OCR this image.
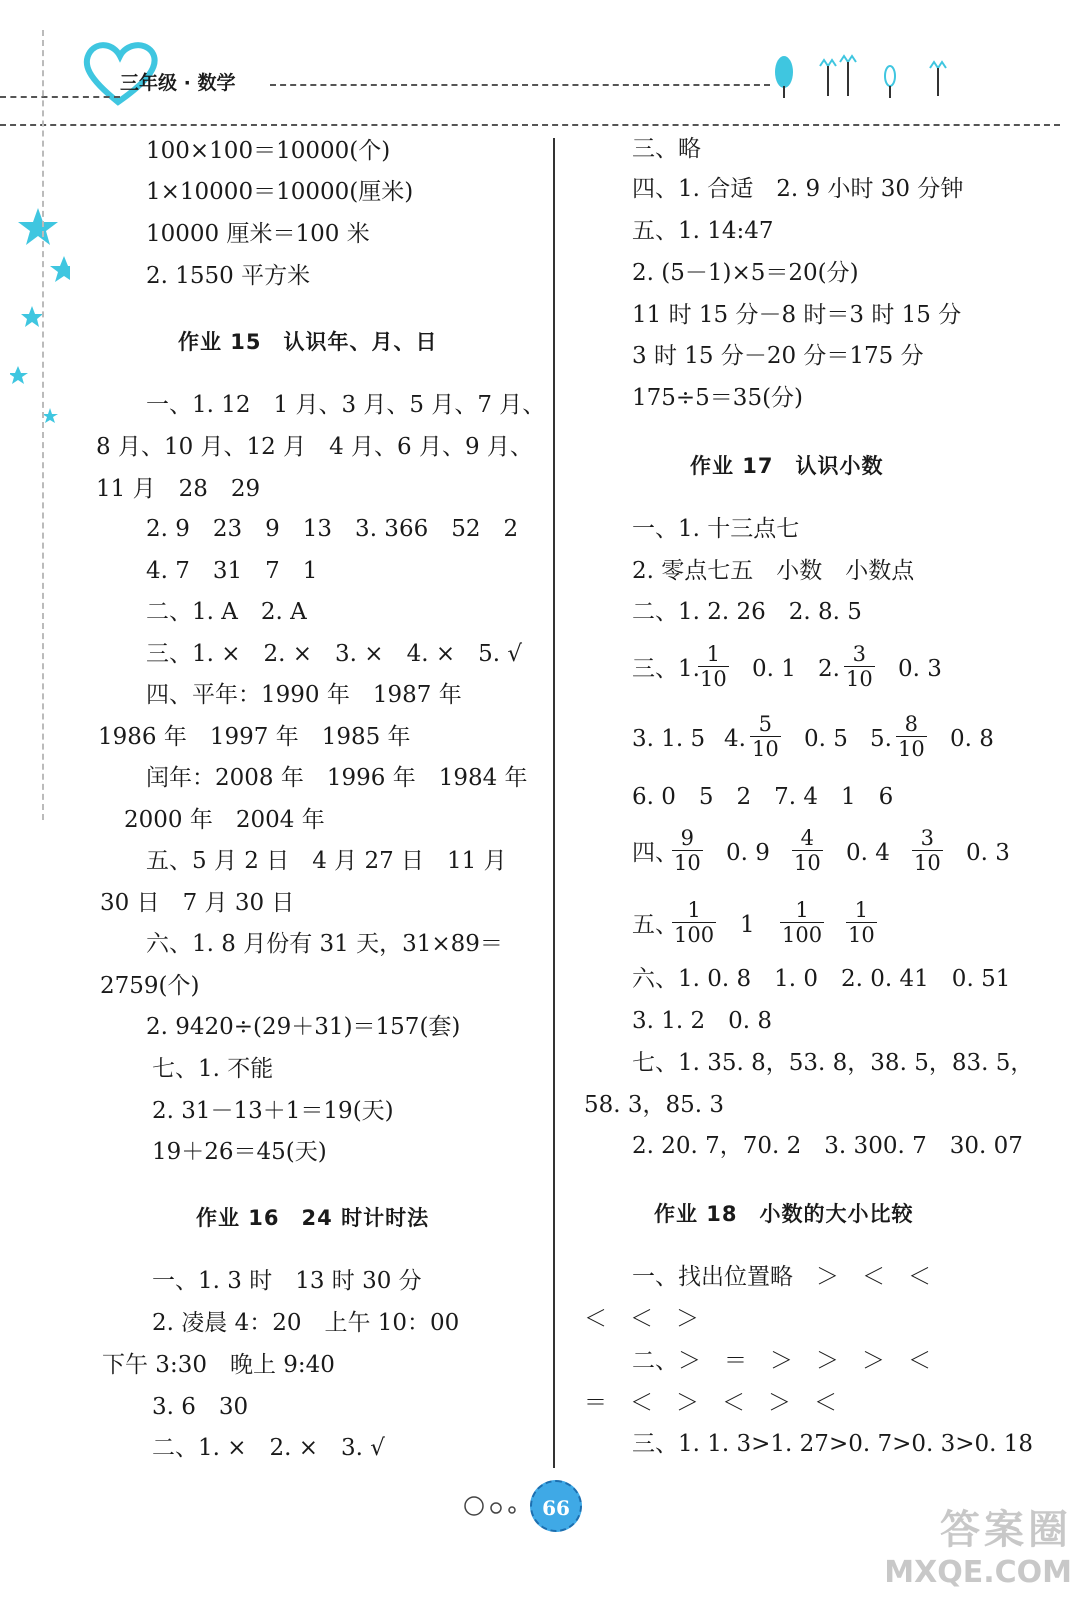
三年级 · 数学
100×100＝10000(个)
1×10000＝10000(厘米)
10000 厘米＝100 米
2. 1550 平方米
作业 15　认识年、月、日
一、1. 12　1 月、3 月、5 月、7 月、
8 月、10 月、12 月　4 月、6 月、9 月、
11 月　28　29
2. 9　23　9　13　3. 366　52　2
4. 7　31　7　1
二、1. A　2. A
三、1. ×　2. ×　3. ×　4. ×　5. √
四、平年：1990 年　1987 年
1986 年　1997 年　1985 年
闰年：2008 年　1996 年　1984 年
2000 年　2004 年
五、5 月 2 日　4 月 27 日　11 月
30 日　7 月 30 日
六、1. 8 月份有 31 天，31×89＝
2759(个)
2. 9420÷(29＋31)＝157(套)
七、1. 不能
2. 31－13＋1＝19(天)
19＋26＝45(天)
作业 16　24 时计时法
一、1. 3 时　13 时 30 分
2. 凌晨 4：20　上午 10：00
下午 3:30　晚上 9:40
3. 6　30
二、1. ×　2. ×　3. √
三、略
四、1. 合适　2. 9 小时 30 分钟
五、1. 14:47
2. (5－1)×5＝20(分)
11 时 15 分－8 时＝3 时 15 分
3 时 15 分－20 分＝175 分
175÷5＝35(分)
作业 17　认识小数
一、1. 十三点七
2. 零点七五　小数　小数点
二、1. 2. 26　2. 8. 5
三、1.
1
10 0. 1 2.
3
10 0. 3
3. 1. 5 4.
5
10 0. 5 5.
8
10 0. 8
6. 0　5　2　7. 4　1　6
四、
9
10 0. 9
4
10 0. 4
3
10 0. 3
五、
1
100 1
1
100
1
10
六、1. 0. 8　1. 0　2. 0. 41　0. 51
3. 1. 2　0. 8
七、1. 35. 8，53. 8，38. 5，83. 5，
58. 3，85. 3
2. 20. 7，70. 2　3. 300. 7　30. 07
作业 18　小数的大小比较
一、找出位置略　＞　＜　＜
＜　＜　＞
二、＞　＝　＞　＞　＞　＜
＝　＜　＞　＜　＞　＜
三、1. 1. 3>1. 27>0. 7>0. 3>0. 18
66	答案圈
MXQE.COM
